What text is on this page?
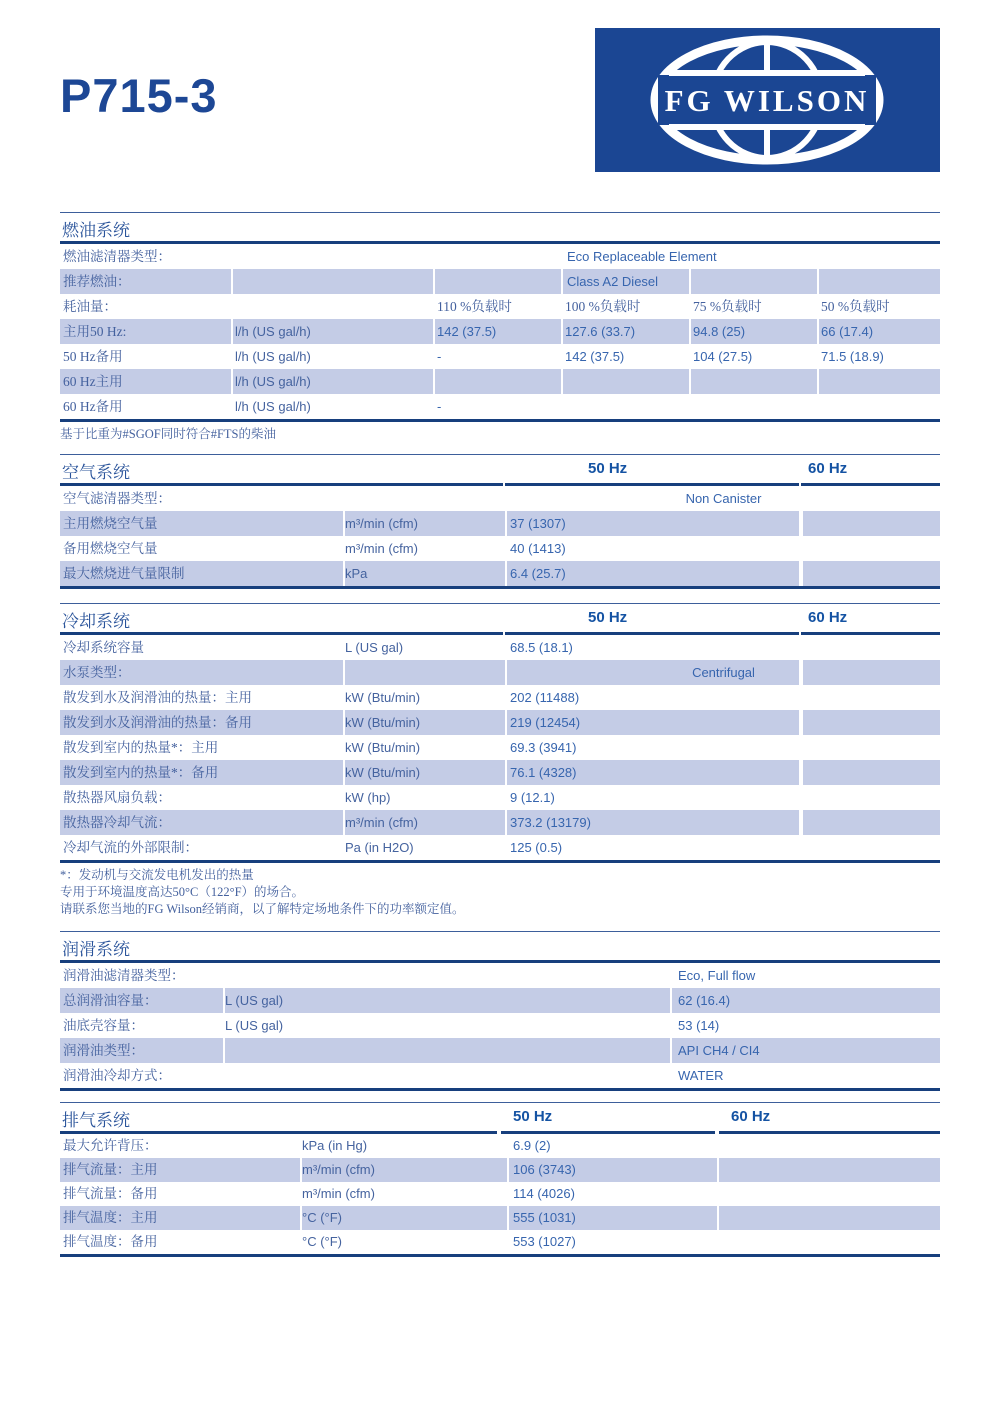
P715-3	FG WILSON
燃油系统
燃油滤清器类型：	Eco Replaceable Element
推荐燃油：	Class A2 Diesel
耗油量：	110 %负载时	100 %负载时	75 %负载时	50 %负载时
主用50 Hz:	l/h (US gal/h)	142 (37.5)	127.6 (33.7)	94.8 (25)	66 (17.4)
50 Hz备用	l/h (US gal/h)	-	142 (37.5)	104 (27.5)	71.5 (18.9)
60 Hz主用	l/h (US gal/h)
60 Hz备用	l/h (US gal/h)	-
基于比重为#SGOF同时符合#FTS的柴油
空气系统	50 Hz	60 Hz
空气滤清器类型：	Non Canister
主用燃烧空气量	m³/min (cfm)	37 (1307)
备用燃烧空气量	m³/min (cfm)	40 (1413)
最大燃烧进气量限制	kPa	6.4 (25.7)
冷却系统	50 Hz	60 Hz
冷却系统容量	L (US gal)	68.5 (18.1)
水泵类型：	Centrifugal
散发到水及润滑油的热量：主用	kW (Btu/min)	202 (11488)
散发到水及润滑油的热量：备用	kW (Btu/min)	219 (12454)
散发到室内的热量*：主用	kW (Btu/min)	69.3 (3941)
散发到室内的热量*：备用	kW (Btu/min)	76.1 (4328)
散热器风扇负载：	kW (hp)	9 (12.1)
散热器冷却气流：	m³/min (cfm)	373.2 (13179)
冷却气流的外部限制：	Pa (in H2O)	125 (0.5)
*：发动机与交流发电机发出的热量
专用于环境温度高达50°C（122°F）的场合。
请联系您当地的FG Wilson经销商，以了解特定场地条件下的功率额定值。
润滑系统
润滑油滤清器类型：	Eco, Full flow
总润滑油容量：	L (US gal)	62 (16.4)
油底壳容量：	L (US gal)	53 (14)
润滑油类型：	API CH4 / CI4
润滑油冷却方式：	WATER
排气系统	50 Hz	60 Hz
最大允许背压：	kPa (in Hg)	6.9 (2)
排气流量：主用	m³/min (cfm)	106 (3743)
排气流量：备用	m³/min (cfm)	114 (4026)
排气温度：主用	°C (°F)	555 (1031)
排气温度：备用	°C (°F)	553 (1027)
